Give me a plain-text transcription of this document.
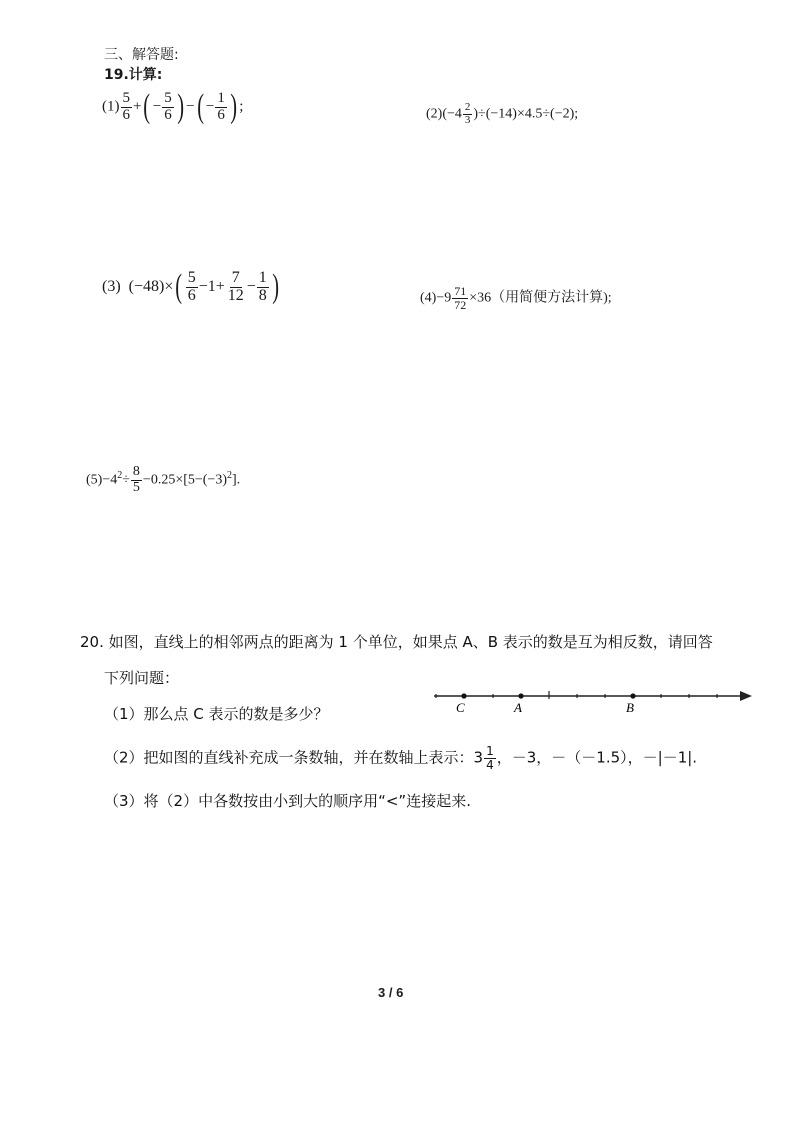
三、解答题:
19.计算:
$(1) \frac{5}{6}$ +( − $\frac{5}{6}$ ) −( − $\frac{1}{6}$ ) ;	$(2)(-4 \frac{2}{3} )\div(-14)\times 4.5\div(-2)$;
(3) $(-48)\times( \frac{5}{6} -1+ \frac{7}{12} - \frac{1}{8}$ )	$(4)-9 \frac{71}{72} \times 36$（用简便方法计算);
$(5)-4^2\div \frac{8}{5} -0.25\times[5-(-3)^2]$.
20. 如图，直线上的相邻两点的距离为 1 个单位，如果点 A、B 表示的数是互为相反数，请回答
下列问题：
（1）那么点 C 表示的数是多少？	C	A	B
（2）把如图的直线补充成一条数轴，并在数轴上表示：$3 \frac{1}{4}$ ，－3，－（－1.5），－|－1|.
（3）将（2）中各数按由小到大的顺序用“<”连接起来.
3 / 6
